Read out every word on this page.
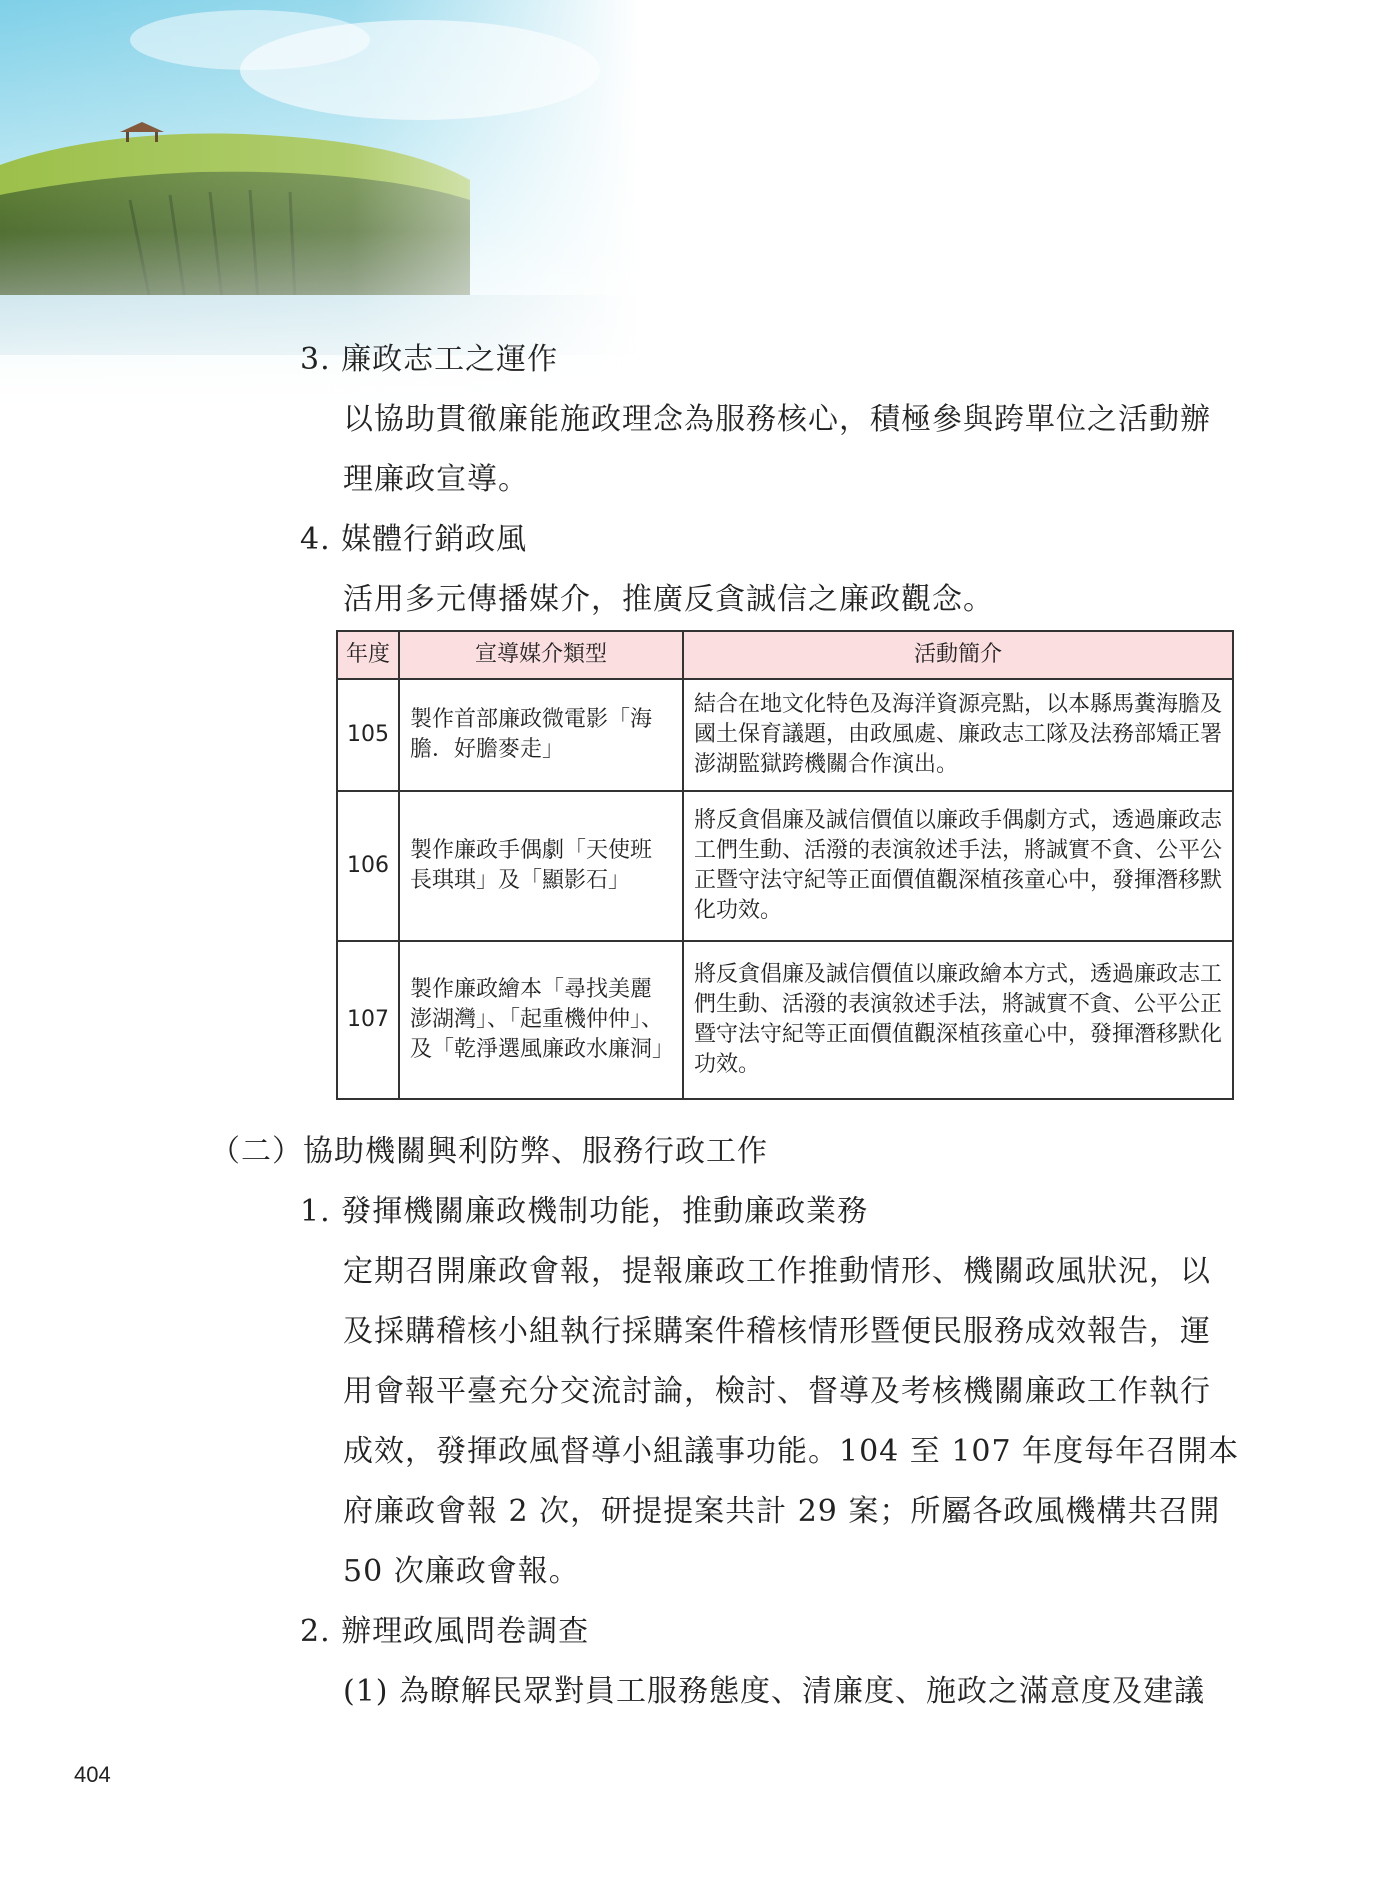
3. 廉政志工之運作
以協助貫徹廉能施政理念為服務核心，積極參與跨單位之活動辦
理廉政宣導。
4. 媒體行銷政風
活用多元傳播媒介，推廣反貪誠信之廉政觀念。
（二）協助機關興利防弊、服務行政工作
1. 發揮機關廉政機制功能，推動廉政業務
定期召開廉政會報，提報廉政工作推動情形、機關政風狀況，以
及採購稽核小組執行採購案件稽核情形暨便民服務成效報告，運
用會報平臺充分交流討論，檢討、督導及考核機關廉政工作執行
成效，發揮政風督導小組議事功能。104 至 107 年度每年召開本
府廉政會報 2 次，研提提案共計 29 案；所屬各政風機構共召開
50 次廉政會報。
2. 辦理政風問卷調查
(1) 為瞭解民眾對員工服務態度、清廉度、施政之滿意度及建議
年度	宣導媒介類型	活動簡介
105	製作首部廉政微電影「海膽．好膽麥走」	結合在地文化特色及海洋資源亮點，以本縣馬糞海膽及國土保育議題，由政風處、廉政志工隊及法務部矯正署澎湖監獄跨機關合作演出。
106	製作廉政手偶劇「天使班長琪琪」及「顯影石」	將反貪倡廉及誠信價值以廉政手偶劇方式，透過廉政志工們生動、活潑的表演敘述手法，將誠實不貪、公平公正暨守法守紀等正面價值觀深植孩童心中，發揮潛移默化功效。
107	製作廉政繪本「尋找美麗澎湖灣」、「起重機仲仲」、及「乾淨選風廉政水廉洞」	將反貪倡廉及誠信價值以廉政繪本方式，透過廉政志工們生動、活潑的表演敘述手法，將誠實不貪、公平公正暨守法守紀等正面價值觀深植孩童心中，發揮潛移默化功效。
404
